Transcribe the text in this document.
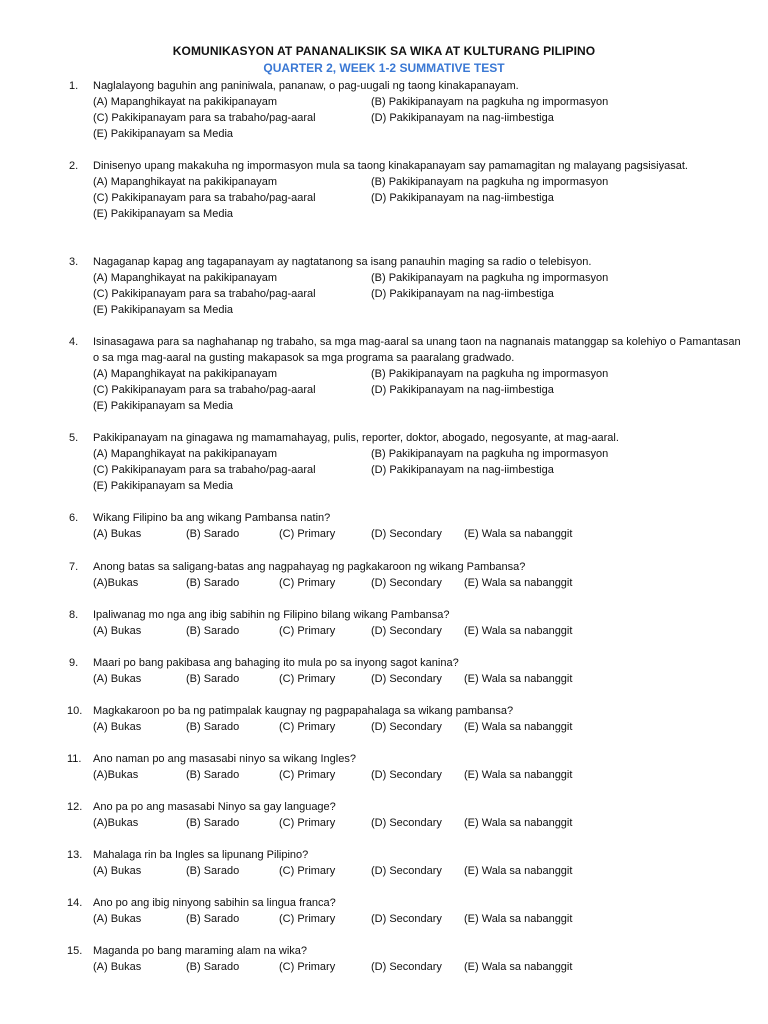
KOMUNIKASYON AT PANANALIKSIK SA WIKA AT KULTURANG PILIPINO
QUARTER 2, WEEK 1-2 SUMMATIVE TEST
1. Naglalayong baguhin ang paniniwala, pananaw, o pag-uugali ng taong kinakapanayam.
(A) Mapanghikayat na pakikipanayam	(B) Pakikipanayam na pagkuha ng impormasyon
(C) Pakikipanayam para sa trabaho/pag-aaral	(D) Pakikipanayam na nag-iimbestiga
(E) Pakikipanayam sa Media
2. Dinisenyo upang makakuha ng impormasyon mula sa taong kinakapanayam say pamamagitan ng malayang pagsisiyasat.
(A) Mapanghikayat na pakikipanayam	(B) Pakikipanayam na pagkuha ng impormasyon
(C) Pakikipanayam para sa trabaho/pag-aaral	(D) Pakikipanayam na nag-iimbestiga
(E) Pakikipanayam sa Media
3. Nagaganap kapag ang tagapanayam ay nagtatanong sa isang panauhin maging sa radio o telebisyon.
(A) Mapanghikayat na pakikipanayam	(B) Pakikipanayam na pagkuha ng impormasyon
(C) Pakikipanayam para sa trabaho/pag-aaral	(D) Pakikipanayam na nag-iimbestiga
(E) Pakikipanayam sa Media
4. Isinasagawa para sa naghahanap ng trabaho, sa mga mag-aaral sa unang taon na nagnanais matanggap sa kolehiyo o Pamantasan o sa mga mag-aaral na gusting makapasok sa mga programa sa paaralang gradwado.
(A) Mapanghikayat na pakikipanayam	(B) Pakikipanayam na pagkuha ng impormasyon
(C) Pakikipanayam para sa trabaho/pag-aaral	(D) Pakikipanayam na nag-iimbestiga
(E) Pakikipanayam sa Media
5. Pakikipanayam na ginagawa ng mamamahayag, pulis, reporter, doktor, abogado, negosyante, at mag-aaral.
(A) Mapanghikayat na pakikipanayam	(B) Pakikipanayam na pagkuha ng impormasyon
(C) Pakikipanayam para sa trabaho/pag-aaral	(D) Pakikipanayam na nag-iimbestiga
(E) Pakikipanayam sa Media
6. Wikang Filipino ba ang wikang Pambansa natin?
(A) Bukas	(B) Sarado	(C) Primary	(D) Secondary (E) Wala sa nabanggit
7. Anong batas sa saligang-batas ang nagpahayag ng pagkakaroon ng wikang Pambansa?
(A)Bukas	(B) Sarado	(C) Primary	(D) Secondary (E) Wala sa nabanggit
8. Ipaliwanag mo nga ang ibig sabihin ng Filipino bilang wikang Pambansa?
(A) Bukas	(B) Sarado	(C) Primary	(D) Secondary (E) Wala sa nabanggit
9. Maari po bang pakibasa ang bahaging ito mula po sa inyong sagot kanina?
(A) Bukas	(B) Sarado	(C) Primary	(D) Secondary (E) Wala sa nabanggit
10. Magkakaroon po ba ng patimpalak kaugnay ng pagpapahalaga sa wikang pambansa?
(A) Bukas	(B) Sarado	(C) Primary	(D) Secondary (E) Wala sa nabanggit
11. Ano naman po ang masasabi ninyo sa wikang Ingles?
(A)Bukas	(B) Sarado	(C) Primary	(D) Secondary (E) Wala sa nabanggit
12. Ano pa po ang masasabi Ninyo sa gay language?
(A)Bukas	(B) Sarado	(C) Primary	(D) Secondary (E) Wala sa nabanggit
13. Mahalaga rin ba Ingles sa lipunang Pilipino?
(A) Bukas	(B) Sarado	(C) Primary	(D) Secondary (E) Wala sa nabanggit
14. Ano po ang ibig ninyong sabihin sa lingua franca?
(A) Bukas	(B) Sarado	(C) Primary	(D) Secondary (E) Wala sa nabanggit
15. Maganda po bang maraming alam na wika?
(A) Bukas	(B) Sarado	(C) Primary	(D) Secondary (E) Wala sa nabanggit
